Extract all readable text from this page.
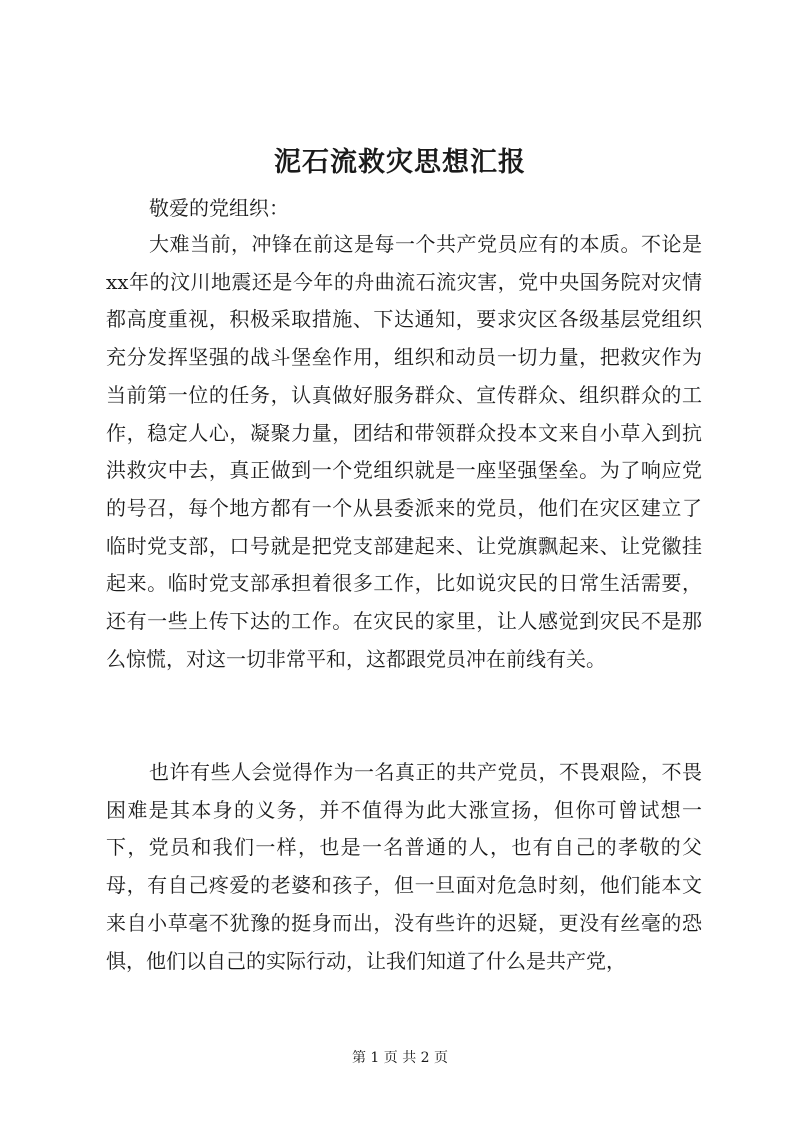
泥石流救灾思想汇报

敬爱的党组织：

大难当前，冲锋在前这是每一个共产党员应有的本质。不论是xx年的汶川地震还是今年的舟曲流石流灾害，党中央国务院对灾情都高度重视，积极采取措施、下达通知，要求灾区各级基层党组织充分发挥坚强的战斗堡垒作用，组织和动员一切力量，把救灾作为当前第一位的任务，认真做好服务群众、宣传群众、组织群众的工作，稳定人心，凝聚力量，团结和带领群众投本文来自小草入到抗洪救灾中去，真正做到一个党组织就是一座坚强堡垒。为了响应党的号召，每个地方都有一个从县委派来的党员，他们在灾区建立了临时党支部，口号就是把党支部建起来、让党旗飘起来、让党徽挂起来。临时党支部承担着很多工作，比如说灾民的日常生活需要，还有一些上传下达的工作。在灾民的家里，让人感觉到灾民不是那么惊慌，对这一切非常平和，这都跟党员冲在前线有关。

也许有些人会觉得作为一名真正的共产党员，不畏艰险，不畏困难是其本身的义务，并不值得为此大涨宣扬，但你可曾试想一下，党员和我们一样，也是一名普通的人，也有自己的孝敬的父母，有自己疼爱的老婆和孩子，但一旦面对危急时刻，他们能本文来自小草毫不犹豫的挺身而出，没有些许的迟疑，更没有丝毫的恐惧，他们以自己的实际行动，让我们知道了什么是共产党，

第 1 页 共 2 页
